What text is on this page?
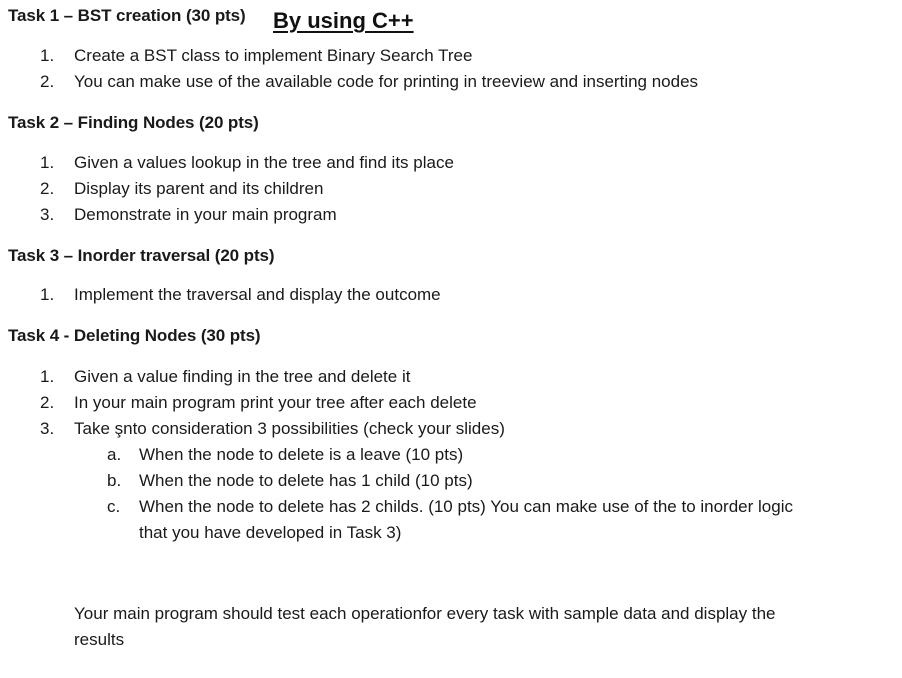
Task 1 – BST creation (30 pts) By using C++
1. Create a BST class to implement Binary Search Tree
2. You can make use of the available code for printing in treeview and inserting nodes
Task 2 – Finding Nodes (20 pts)
1. Given a values lookup in the tree and find its place
2. Display its parent and its children
3. Demonstrate in your main program
Task 3 – Inorder traversal (20 pts)
1. Implement the traversal and display the outcome
Task 4 - Deleting Nodes (30 pts)
1. Given a value finding in the tree and delete it
2. In your main program print your tree after each delete
3. Take şnto consideration 3 possibilities (check your slides)
a. When the node to delete is a leave (10 pts)
b. When the node to delete has 1 child (10 pts)
c. When the node to delete has 2 childs. (10 pts) You can make use of the to inorder logic
that you have developed in Task 3)
Your main program should test each operationfor every task with sample data and display the
results
